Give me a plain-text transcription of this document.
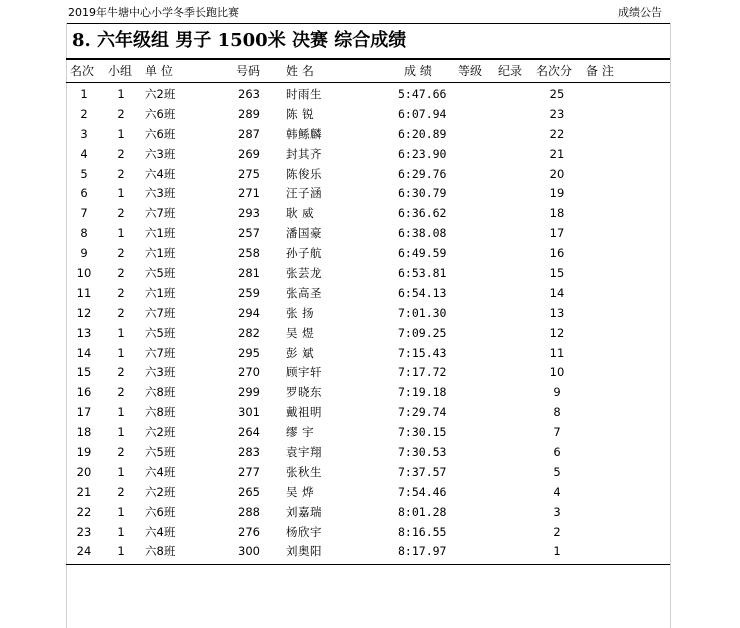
2019年牛塘中心小学冬季长跑比赛	成绩公告
8. 六年级组 男子 1500米 决赛 综合成绩
名次 小组 单 位	号码 姓 名	成 绩 等级 纪录 名次分 备 注
1	1	六2班	263 时雨生	5:47.66	25
2	2	六6班	289 陈 锐	6:07.94	23
3	1	六6班	287 韩鲧麟	6:20.89	22
4	2	六3班	269 封其齐	6:23.90	21
5	2	六4班	275 陈俊乐	6:29.76	20
6	1	六3班	271 汪子涵	6:30.79	19
7	2	六7班	293 耿 威	6:36.62	18
8	1	六1班	257 潘国豪	6:38.08	17
9	2	六1班	258 孙子航	6:49.59	16
10	2	六5班	281 张芸龙	6:53.81	15
11	2	六1班	259 张高圣	6:54.13	14
12	2	六7班	294 张 扬	7:01.30	13
13	1	六5班	282 吴 煜	7:09.25	12
14	1	六7班	295 彭 斌	7:15.43	11
15	2	六3班	270 顾宇轩	7:17.72	10
16	2	六8班	299 罗晓东	7:19.18	9
17	1	六8班	301 戴祖明	7:29.74	8
18	1	六2班	264 缪 宇	7:30.15	7
19	2	六5班	283 袁宇翔	7:30.53	6
20	1	六4班	277 张秋生	7:37.57	5
21	2	六2班	265 吴 烨	7:54.46	4
22	1	六6班	288 刘嘉瑞	8:01.28	3
23	1	六4班	276 杨欣宇	8:16.55	2
24	1	六8班	300 刘奥阳	8:17.97	1
